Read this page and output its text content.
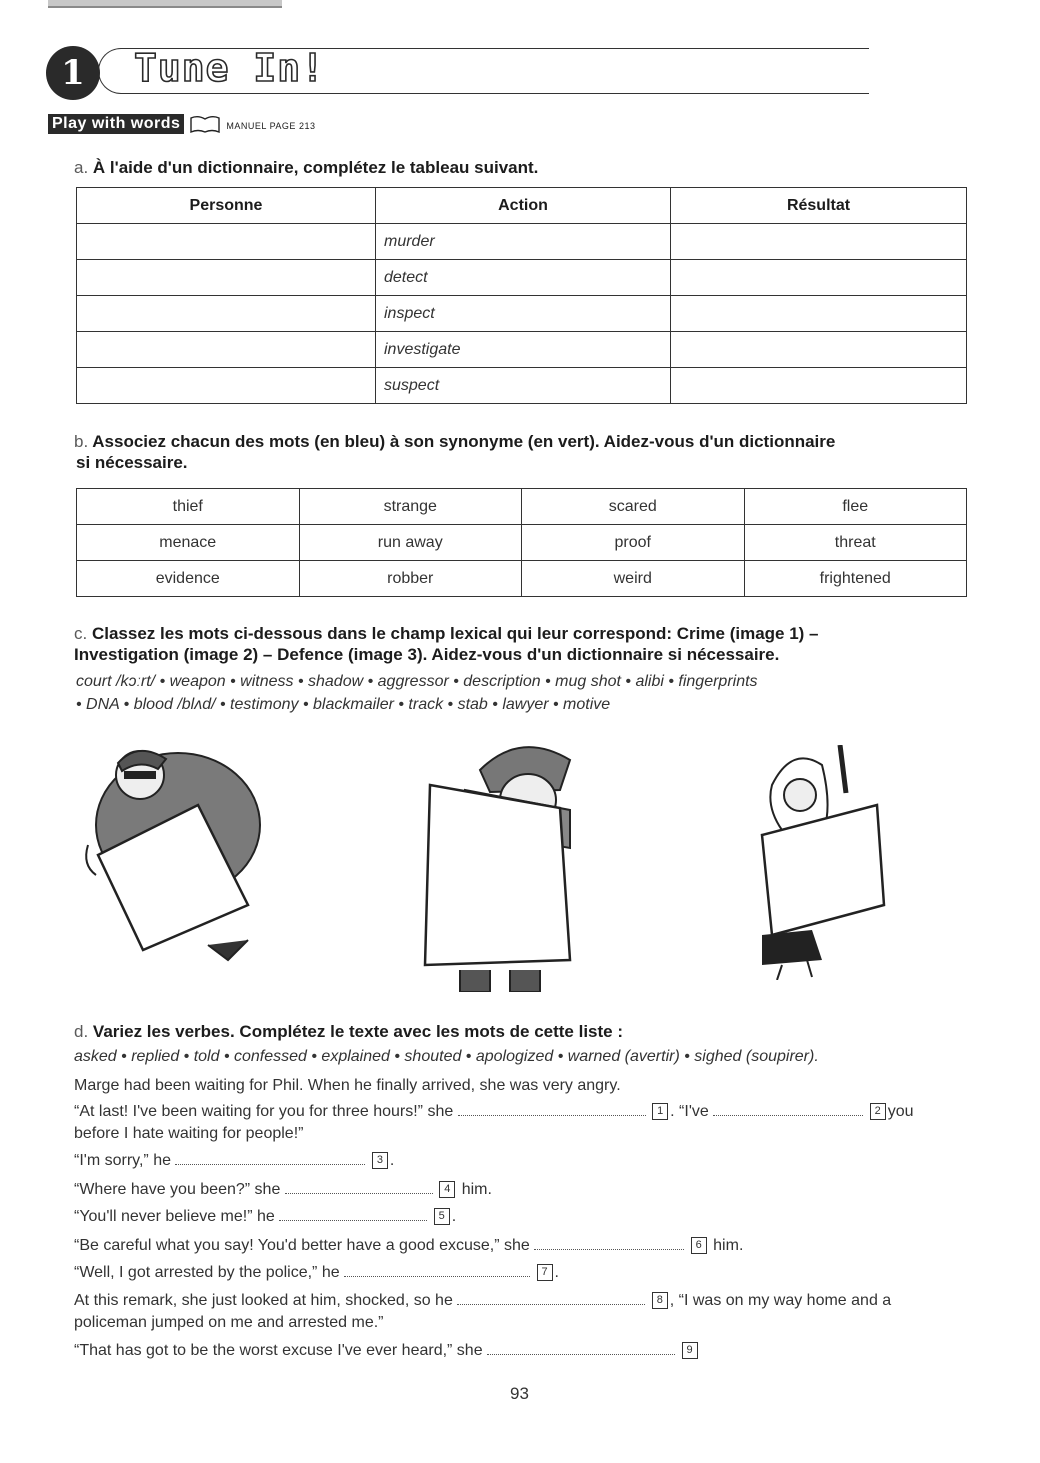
1	Tune In!
Play with words	MANUEL PAGE 213
a. À l'aide d'un dictionnaire, complétez le tableau suivant.
Personne	Action	Résultat
	murder	
	detect	
	inspect	
	investigate	
	suspect	
b. Associez chacun des mots (en bleu) à son synonyme (en vert). Aidez-vous d'un dictionnaire
si nécessaire.
thief	strange	scared	flee
menace	run away	proof	threat
evidence	robber	weird	frightened
c. Classez les mots ci-dessous dans le champ lexical qui leur correspond: Crime (image 1) –
Investigation (image 2) – Defence (image 3). Aidez-vous d'un dictionnaire si nécessaire.
court /kɔːrt/ • weapon • witness • shadow • aggressor • description • mug shot • alibi • fingerprints
• DNA • blood /blʌd/ • testimony • blackmailer • track • stab • lawyer • motive
d. Variez les verbes. Complétez le texte avec les mots de cette liste :
asked • replied • told • confessed • explained • shouted • apologized • warned (avertir) • sighed (soupirer).
Marge had been waiting for Phil. When he finally arrived, she was very angry.
“At last! I've been waiting for you for three hours!” she	1 . “I've	2 you
before I hate waiting for people!”
“I'm sorry,” he	3 .
“Where have you been?” she	4 him.
“You'll never believe me!” he	5 .
“Be careful what you say! You'd better have a good excuse,” she	6 him.
“Well, I got arrested by the police,” he	7 .
At this remark, she just looked at him, shocked, so he	8 , “I was on my way home and a
policeman jumped on me and arrested me.”
“That has got to be the worst excuse I've ever heard,” she	9
93
